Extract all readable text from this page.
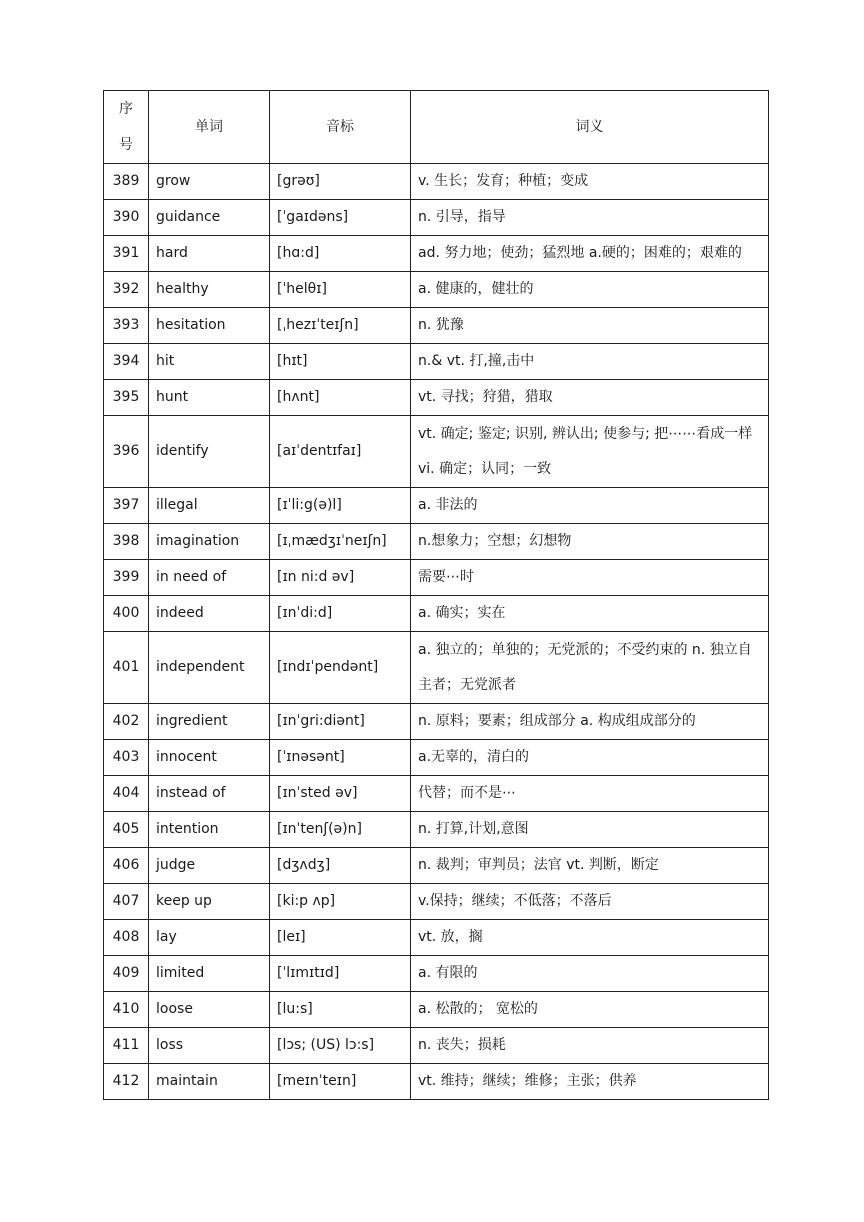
序号	单词	音标	词义
389	grow	[grəʊ]	v. 生长；发育；种植；变成
390	guidance	[ˈgaɪdəns]	n. 引导，指导
391	hard	[hɑ:d]	ad. 努力地；使劲；猛烈地 a.硬的；困难的；艰难的
392	healthy	[ˈhelθɪ]	a. 健康的，健壮的
393	hesitation	[ˌhezɪˈteɪʃn]	n. 犹豫
394	hit	[hɪt]	n.& vt. 打,撞,击中
395	hunt	[hʌnt]	vt. 寻找；狩猎，猎取
396	identify	[aɪˈdentɪfaɪ]	vt. 确定; 鉴定; 识别, 辨认出; 使参与; 把⋯⋯看成一样 vi. 确定；认同；一致
397	illegal	[ɪˈli:g(ə)l]	a. 非法的
398	imagination	[ɪˌmædʒɪˈneɪʃn]	n.想象力；空想；幻想物
399	in need of	[ɪn ni:d əv]	需要⋯时
400	indeed	[ɪnˈdi:d]	a. 确实；实在
401	independent	[ɪndɪˈpendənt]	a. 独立的；单独的；无党派的；不受约束的 n. 独立自主者；无党派者
402	ingredient	[ɪnˈgri:diənt]	n. 原料；要素；组成部分 a. 构成组成部分的
403	innocent	[ˈɪnəsənt]	a.无辜的，清白的
404	instead of	[ɪnˈsted əv]	代替；而不是⋯
405	intention	[ɪnˈtenʃ(ə)n]	n. 打算,计划,意图
406	judge	[dʒʌdʒ]	n. 裁判；审判员；法官 vt. 判断，断定
407	keep up	[ki:p ʌp]	v.保持；继续；不低落；不落后
408	lay	[leɪ]	vt. 放，搁
409	limited	[ˈlɪmɪtɪd]	a. 有限的
410	loose	[lu:s]	a. 松散的； 宽松的
411	loss	[lɔs; (US) lɔ:s]	n. 丧失；损耗
412	maintain	[meɪnˈteɪn]	vt. 维持；继续；维修；主张；供养
